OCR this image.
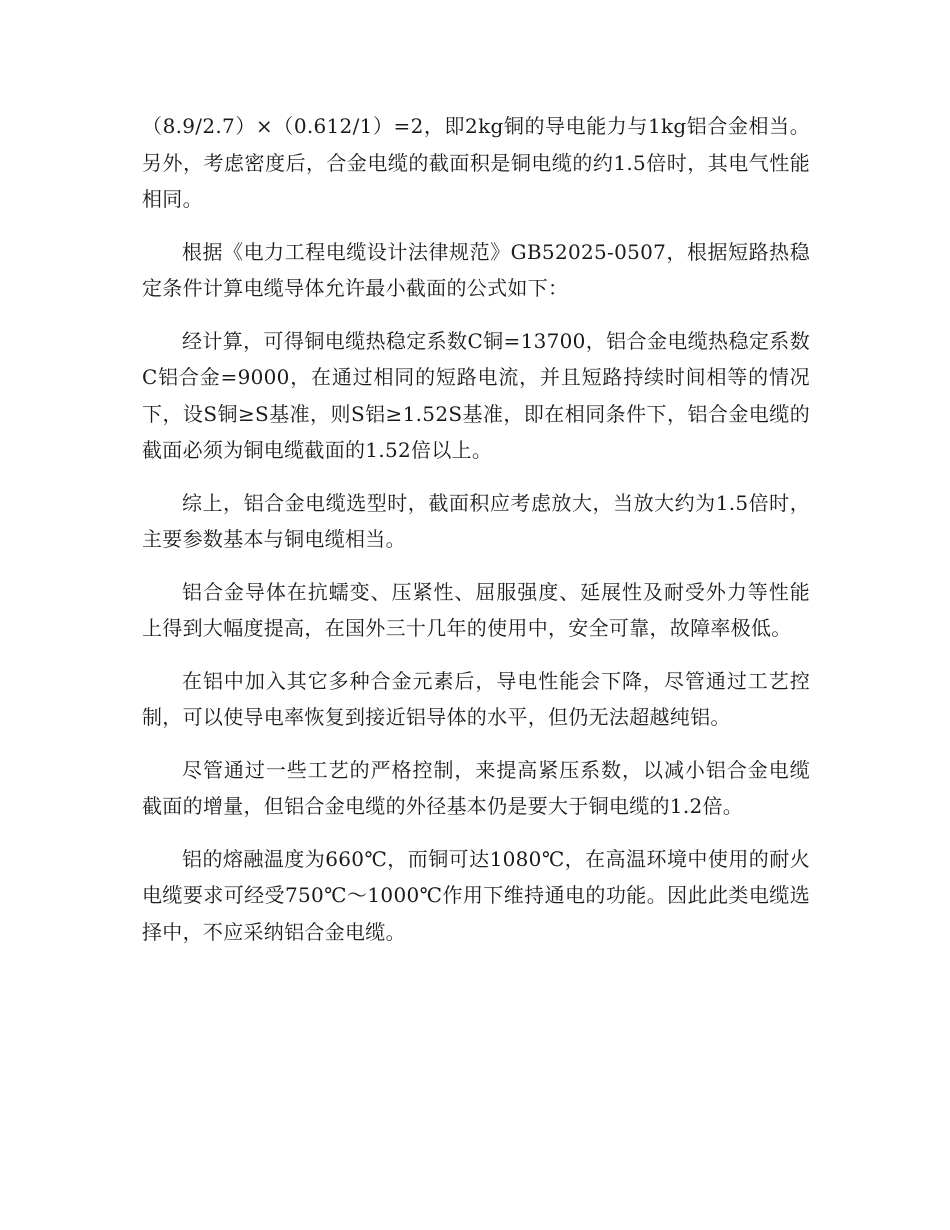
（8.9/2.7）×（0.612/1）=2，即2kg铜的导电能力与1kg铝合金相当。另外，考虑密度后，合金电缆的截面积是铜电缆的约1.5倍时，其电气性能相同。

根据《电力工程电缆设计法律规范》GB52025-0507，根据短路热稳定条件计算电缆导体允许最小截面的公式如下：

经计算，可得铜电缆热稳定系数C铜=13700，铝合金电缆热稳定系数C铝合金=9000，在通过相同的短路电流，并且短路持续时间相等的情况下，设S铜≥S基准，则S铝≥1.52S基准，即在相同条件下，铝合金电缆的截面必须为铜电缆截面的1.52倍以上。

综上，铝合金电缆选型时，截面积应考虑放大，当放大约为1.5倍时，主要参数基本与铜电缆相当。

铝合金导体在抗蠕变、压紧性、屈服强度、延展性及耐受外力等性能上得到大幅度提高，在国外三十几年的使用中，安全可靠，故障率极低。

在铝中加入其它多种合金元素后，导电性能会下降，尽管通过工艺控制，可以使导电率恢复到接近铝导体的水平，但仍无法超越纯铝。

尽管通过一些工艺的严格控制，来提高紧压系数，以减小铝合金电缆截面的增量，但铝合金电缆的外径基本仍是要大于铜电缆的1.2倍。

铝的熔融温度为660℃，而铜可达1080℃，在高温环境中使用的耐火电缆要求可经受750℃～1000℃作用下维持通电的功能。因此此类电缆选择中，不应采纳铝合金电缆。
